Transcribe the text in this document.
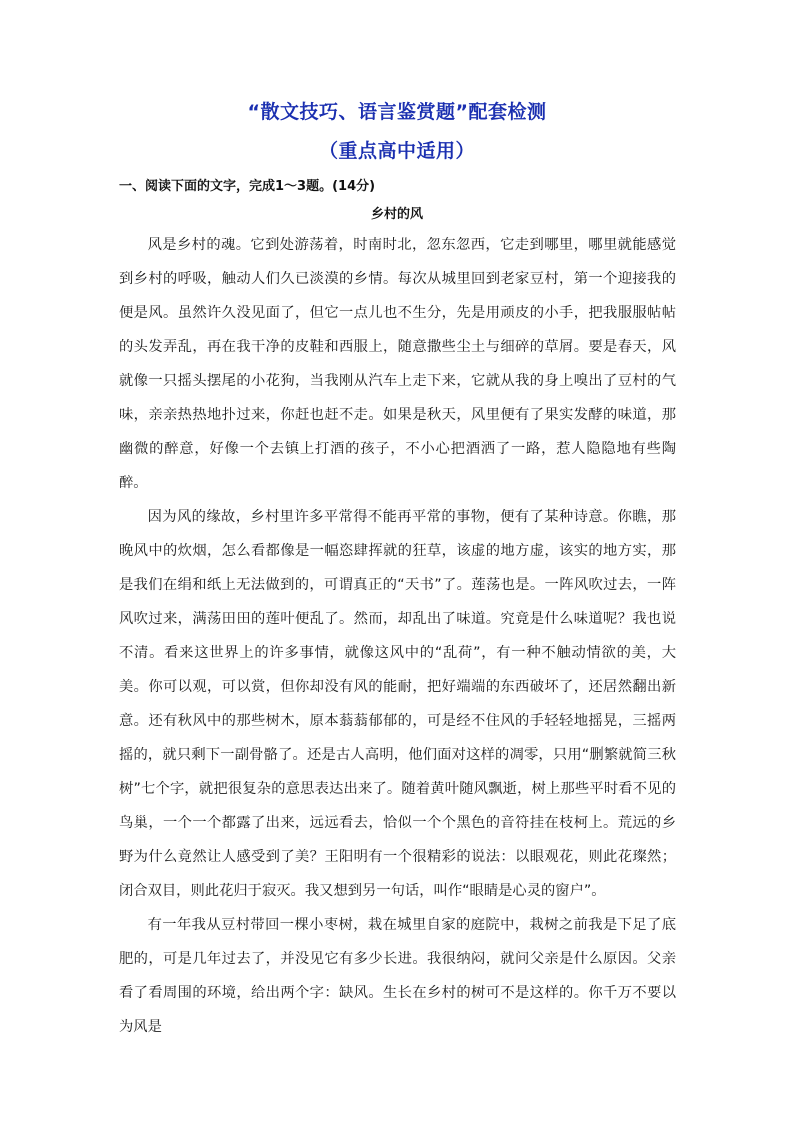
“散文技巧、语言鉴赏题”配套检测
（重点高中适用）
一、阅读下面的文字，完成1～3题。(14分)
乡村的风

风是乡村的魂。它到处游荡着，时南时北，忽东忽西，它走到哪里，哪里就能感觉到乡村的呼吸，触动人们久已淡漠的乡情。每次从城里回到老家豆村，第一个迎接我的便是风。虽然许久没见面了，但它一点儿也不生分，先是用顽皮的小手，把我服服帖帖的头发弄乱，再在我干净的皮鞋和西服上，随意撒些尘土与细碎的草屑。要是春天，风就像一只摇头摆尾的小花狗，当我刚从汽车上走下来，它就从我的身上嗅出了豆村的气味，亲亲热热地扑过来，你赶也赶不走。如果是秋天，风里便有了果实发酵的味道，那幽微的醉意，好像一个去镇上打酒的孩子，不小心把酒洒了一路，惹人隐隐地有些陶醉。

因为风的缘故，乡村里许多平常得不能再平常的事物，便有了某种诗意。你瞧，那晚风中的炊烟，怎么看都像是一幅恣肆挥就的狂草，该虚的地方虚，该实的地方实，那是我们在绢和纸上无法做到的，可谓真正的“天书”了。莲荡也是。一阵风吹过去，一阵风吹过来，满荡田田的莲叶便乱了。然而，却乱出了味道。究竟是什么味道呢？我也说不清。看来这世界上的许多事情，就像这风中的“乱荷”，有一种不触动情欲的美，大美。你可以观，可以赏，但你却没有风的能耐，把好端端的东西破坏了，还居然翻出新意。还有秋风中的那些树木，原本蓊蓊郁郁的，可是经不住风的手轻轻地摇晃，三摇两摇的，就只剩下一副骨骼了。还是古人高明，他们面对这样的凋零，只用“删繁就简三秋树”七个字，就把很复杂的意思表达出来了。随着黄叶随风飘逝，树上那些平时看不见的鸟巢，一个一个都露了出来，远远看去，恰似一个个黑色的音符挂在枝柯上。荒远的乡野为什么竟然让人感受到了美？王阳明有一个很精彩的说法：以眼观花，则此花璨然；闭合双目，则此花归于寂灭。我又想到另一句话，叫作“眼睛是心灵的窗户”。

有一年我从豆村带回一棵小枣树，栽在城里自家的庭院中，栽树之前我是下足了底肥的，可是几年过去了，并没见它有多少长进。我很纳闷，就问父亲是什么原因。父亲看了看周围的环境，给出两个字：缺风。生长在乡村的树可不是这样的。你千万不要以为风是
